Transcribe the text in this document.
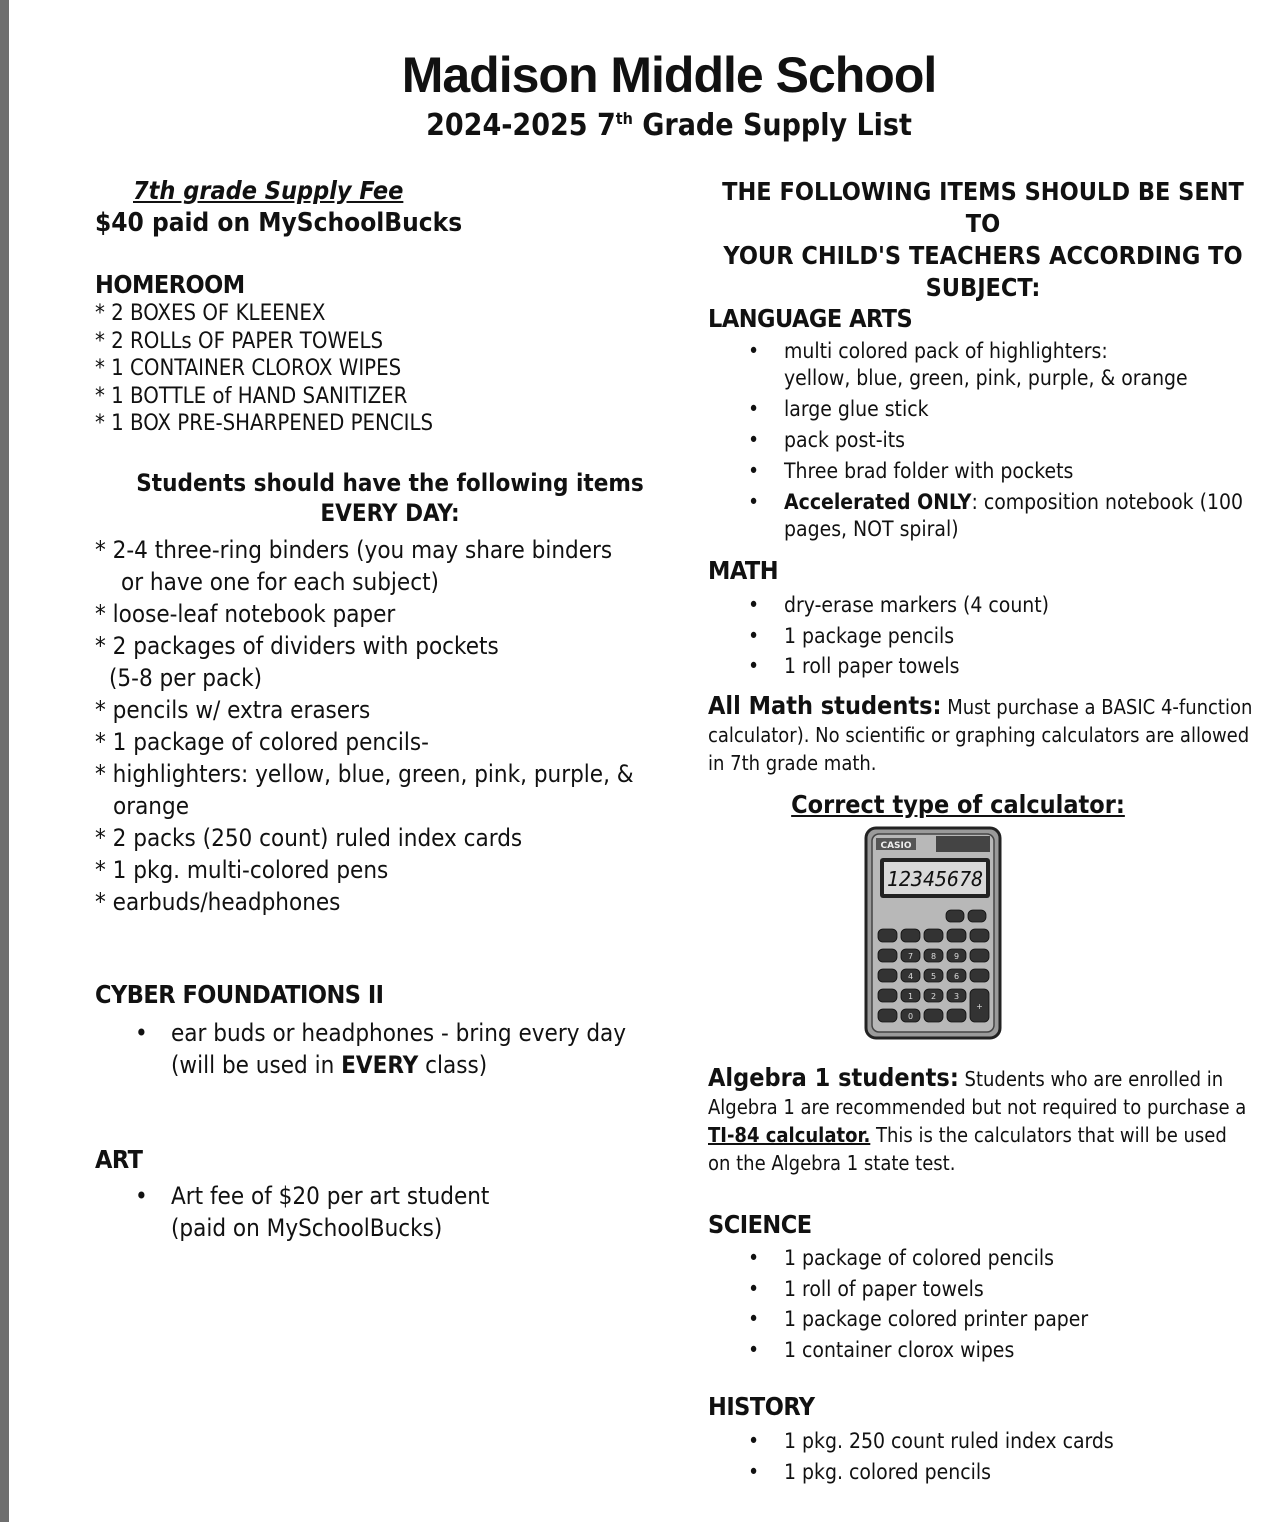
Madison Middle School
2024-2025 7th Grade Supply List
7th grade Supply Fee
$40 paid on MySchoolBucks
HOMEROOM
* 2 BOXES OF KLEENEX
* 2 ROLLs OF PAPER TOWELS
* 1 CONTAINER CLOROX WIPES
* 1 BOTTLE of HAND SANITIZER
* 1 BOX PRE-SHARPENED PENCILS
Students should have the following items
EVERY DAY:
* 2-4 three-ring binders (you may share binders
or have one for each subject)
* loose-leaf notebook paper
* 2 packages of dividers with pockets
(5-8 per pack)
* pencils w/ extra erasers
* 1 package of colored pencils-
* highlighters: yellow, blue, green, pink, purple, &
orange
* 2 packs (250 count) ruled index cards
* 1 pkg. multi-colored pens
* earbuds/headphones
CYBER FOUNDATIONS II
• ear buds or headphones - bring every day
(will be used in EVERY class)
ART
• Art fee of $20 per art student
(paid on MySchoolBucks)
THE FOLLOWING ITEMS SHOULD BE SENT TO
YOUR CHILD'S TEACHERS ACCORDING TO
SUBJECT:
LANGUAGE ARTS
• multi colored pack of highlighters:
yellow, blue, green, pink, purple, & orange
• large glue stick
• pack post-its
• Three brad folder with pockets
• Accelerated ONLY: composition notebook (100
pages, NOT spiral)
MATH
• dry-erase markers (4 count)
• 1 package pencils
• 1 roll paper towels
All Math students: Must purchase a BASIC 4-function calculator). No scientific or graphing calculators are allowed in 7th grade math.
Correct type of calculator:
CASIO
12345678
7 8 9
4 5 6
1 2 3
0
+
Algebra 1 students: Students who are enrolled in Algebra 1 are recommended but not required to purchase a TI-84 calculator. This is the calculators that will be used on the Algebra 1 state test.
SCIENCE
• 1 package of colored pencils
• 1 roll of paper towels
• 1 package colored printer paper
• 1 container clorox wipes
HISTORY
• 1 pkg. 250 count ruled index cards
• 1 pkg. colored pencils
